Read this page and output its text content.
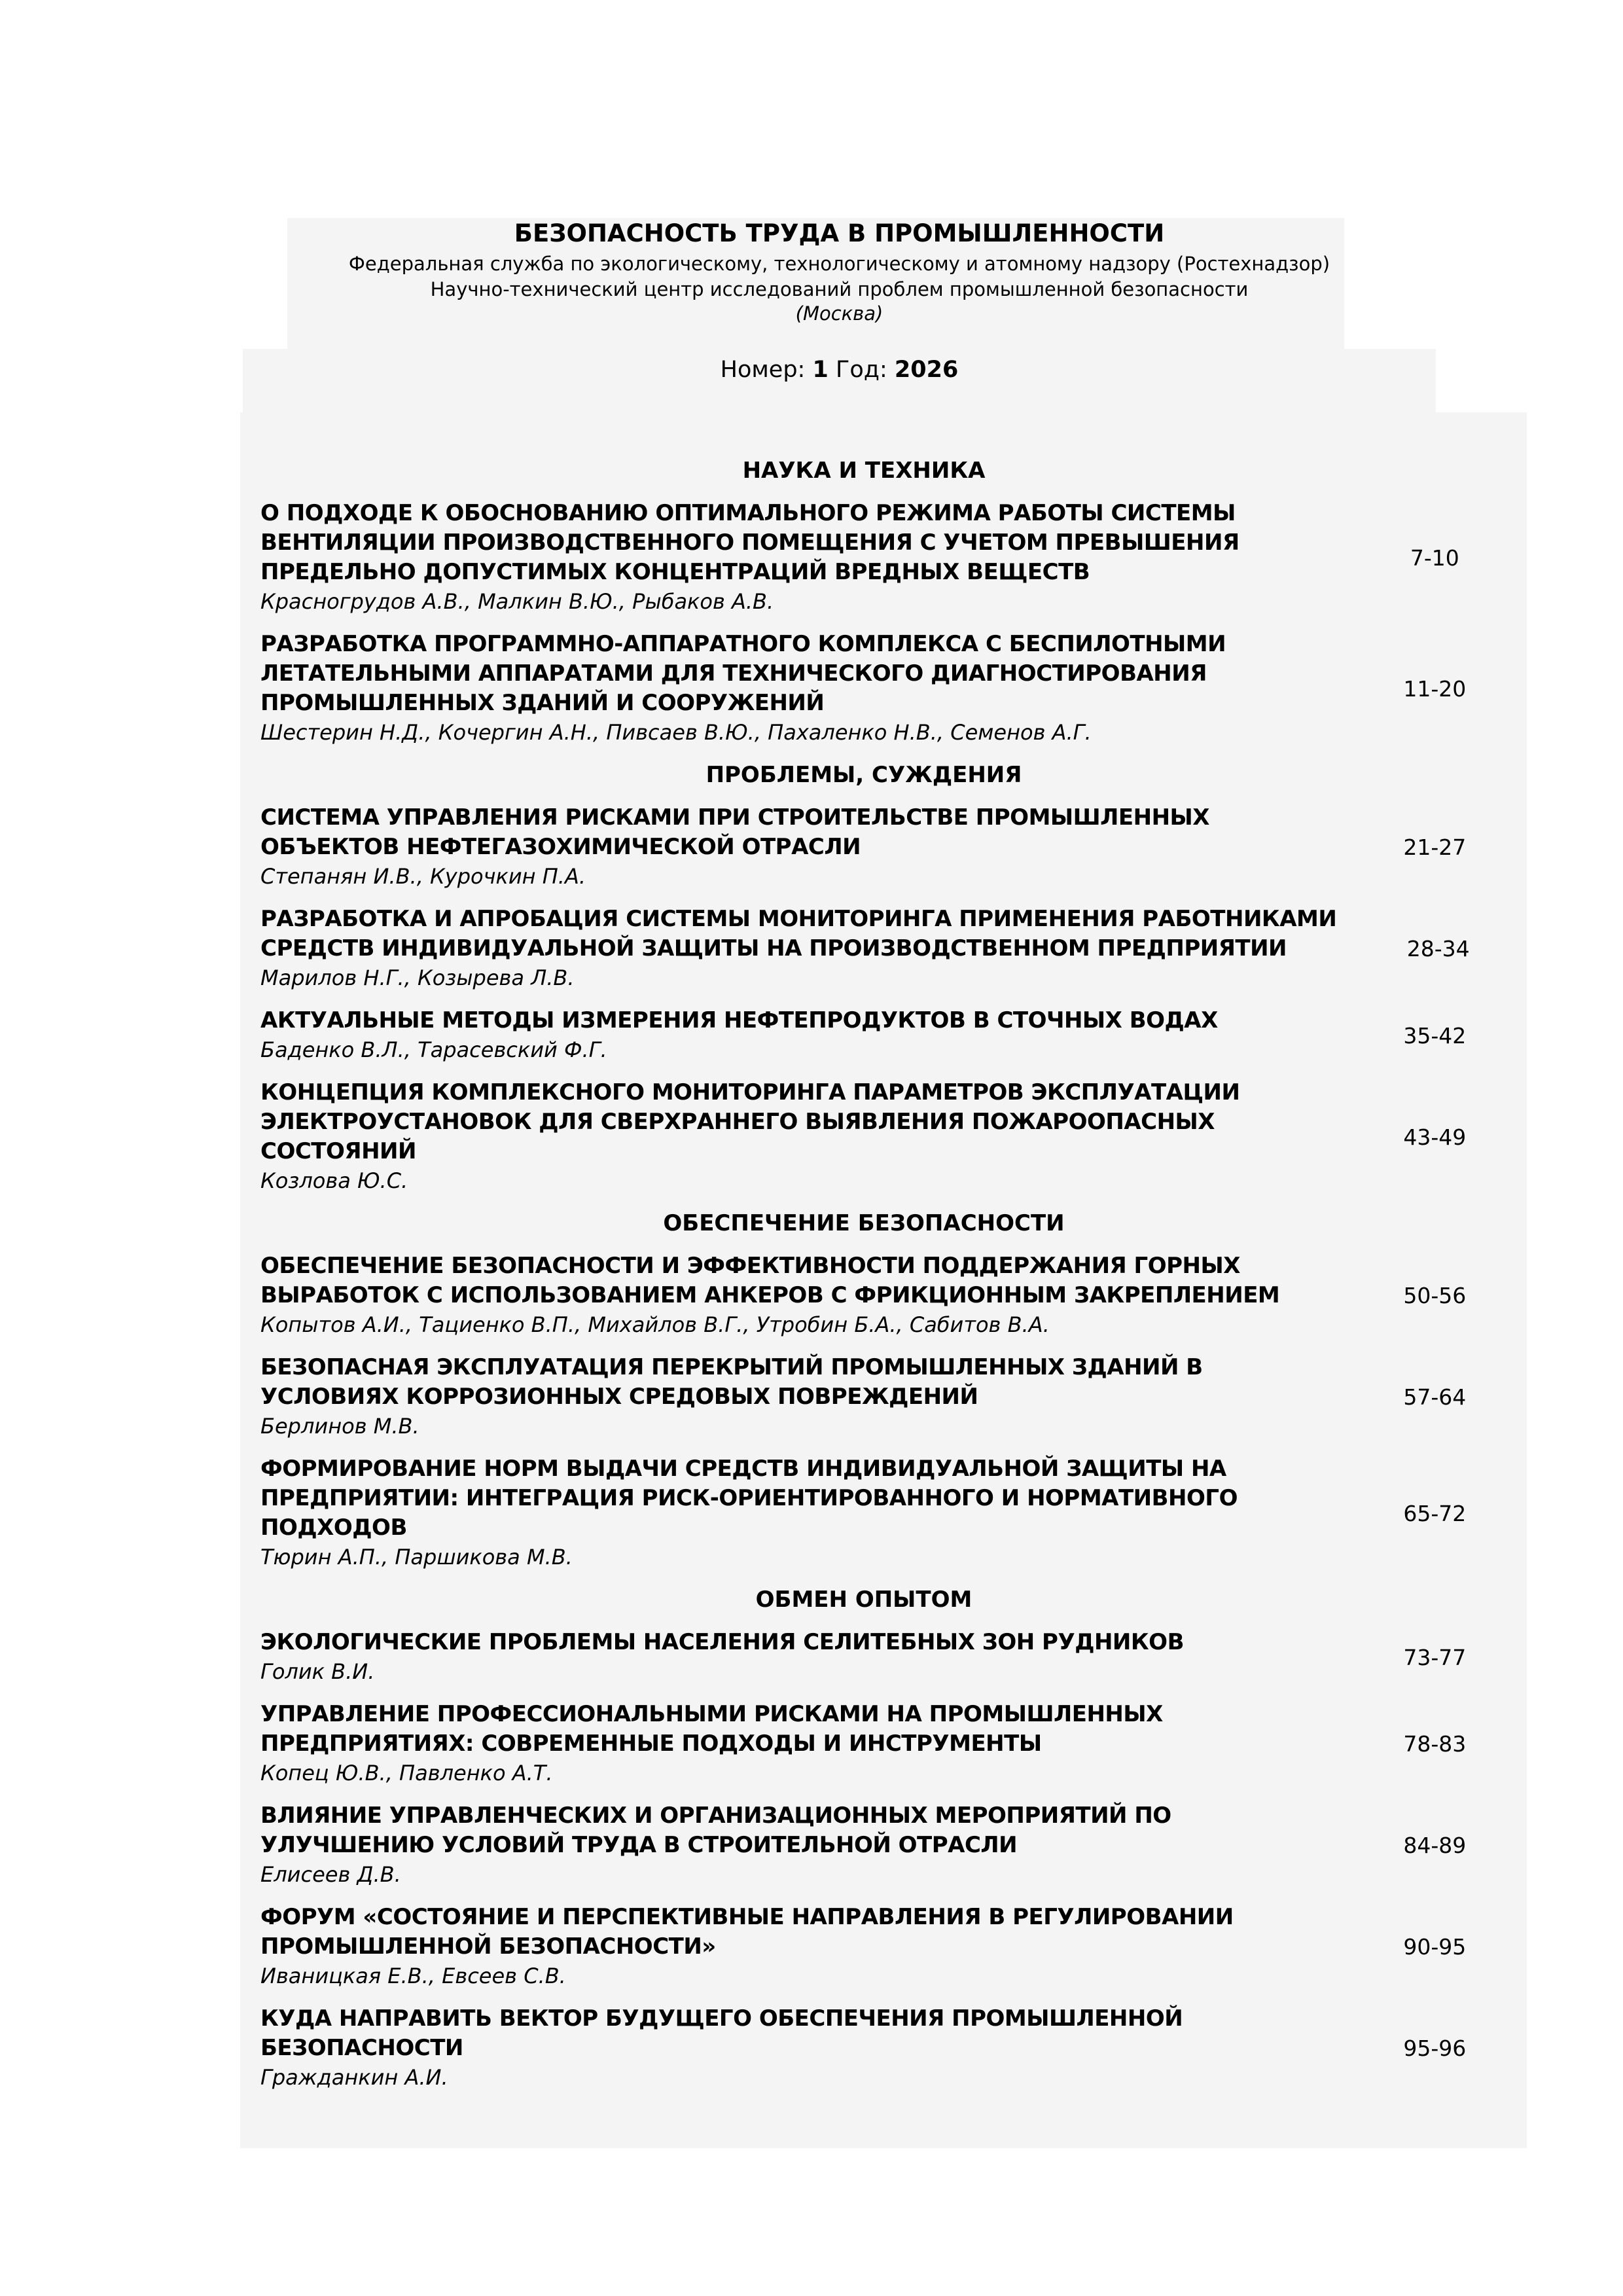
БЕЗОПАСНОСТЬ ТРУДА В ПРОМЫШЛЕННОСТИ
Федеральная служба по экологическому, технологическому и атомному надзору (Ростехнадзор)
Научно-технический центр исследований проблем промышленной безопасности
(Москва)
Номер: 1 Год: 2026
НАУКА И ТЕХНИКА
О ПОДХОДЕ К ОБОСНОВАНИЮ ОПТИМАЛЬНОГО РЕЖИМА РАБОТЫ СИСТЕМЫ
ВЕНТИЛЯЦИИ ПРОИЗВОДСТВЕННОГО ПОМЕЩЕНИЯ С УЧЕТОМ ПРЕВЫШЕНИЯ
ПРЕДЕЛЬНО ДОПУСТИМЫХ КОНЦЕНТРАЦИЙ ВРЕДНЫХ ВЕЩЕСТВ
Красногрудов А.В., Малкин В.Ю., Рыбаков А.В.
7-10
РАЗРАБОТКА ПРОГРАММНО-АППАРАТНОГО КОМПЛЕКСА С БЕСПИЛОТНЫМИ
ЛЕТАТЕЛЬНЫМИ АППАРАТАМИ ДЛЯ ТЕХНИЧЕСКОГО ДИАГНОСТИРОВАНИЯ
ПРОМЫШЛЕННЫХ ЗДАНИЙ И СООРУЖЕНИЙ
Шестерин Н.Д., Кочергин А.Н., Пивсаев В.Ю., Пахаленко Н.В., Семенов А.Г.
11-20
ПРОБЛЕМЫ, СУЖДЕНИЯ
СИСТЕМА УПРАВЛЕНИЯ РИСКАМИ ПРИ СТРОИТЕЛЬСТВЕ ПРОМЫШЛЕННЫХ
ОБЪЕКТОВ НЕФТЕГАЗОХИМИЧЕСКОЙ ОТРАСЛИ
Степанян И.В., Курочкин П.А.
21-27
РАЗРАБОТКА И АПРОБАЦИЯ СИСТЕМЫ МОНИТОРИНГА ПРИМЕНЕНИЯ РАБОТНИКАМИ
СРЕДСТВ ИНДИВИДУАЛЬНОЙ ЗАЩИТЫ НА ПРОИЗВОДСТВЕННОМ ПРЕДПРИЯТИИ
Марилов Н.Г., Козырева Л.В.
28-34
АКТУАЛЬНЫЕ МЕТОДЫ ИЗМЕРЕНИЯ НЕФТЕПРОДУКТОВ В СТОЧНЫХ ВОДАХ
Баденко В.Л., Тарасевский Ф.Г.
35-42
КОНЦЕПЦИЯ КОМПЛЕКСНОГО МОНИТОРИНГА ПАРАМЕТРОВ ЭКСПЛУАТАЦИИ
ЭЛЕКТРОУСТАНОВОК ДЛЯ СВЕРХРАННЕГО ВЫЯВЛЕНИЯ ПОЖАРООПАСНЫХ
СОСТОЯНИЙ
Козлова Ю.С.
43-49
ОБЕСПЕЧЕНИЕ БЕЗОПАСНОСТИ
ОБЕСПЕЧЕНИЕ БЕЗОПАСНОСТИ И ЭФФЕКТИВНОСТИ ПОДДЕРЖАНИЯ ГОРНЫХ
ВЫРАБОТОК С ИСПОЛЬЗОВАНИЕМ АНКЕРОВ С ФРИКЦИОННЫМ ЗАКРЕПЛЕНИЕМ
Копытов А.И., Тациенко В.П., Михайлов В.Г., Утробин Б.А., Сабитов В.А.
50-56
БЕЗОПАСНАЯ ЭКСПЛУАТАЦИЯ ПЕРЕКРЫТИЙ ПРОМЫШЛЕННЫХ ЗДАНИЙ В
УСЛОВИЯХ КОРРОЗИОННЫХ СРЕДОВЫХ ПОВРЕЖДЕНИЙ
Берлинов М.В.
57-64
ФОРМИРОВАНИЕ НОРМ ВЫДАЧИ СРЕДСТВ ИНДИВИДУАЛЬНОЙ ЗАЩИТЫ НА
ПРЕДПРИЯТИИ: ИНТЕГРАЦИЯ РИСК-ОРИЕНТИРОВАННОГО И НОРМАТИВНОГО
ПОДХОДОВ
Тюрин А.П., Паршикова М.В.
65-72
ОБМЕН ОПЫТОМ
ЭКОЛОГИЧЕСКИЕ ПРОБЛЕМЫ НАСЕЛЕНИЯ СЕЛИТЕБНЫХ ЗОН РУДНИКОВ
Голик В.И.
73-77
УПРАВЛЕНИЕ ПРОФЕССИОНАЛЬНЫМИ РИСКАМИ НА ПРОМЫШЛЕННЫХ
ПРЕДПРИЯТИЯХ: СОВРЕМЕННЫЕ ПОДХОДЫ И ИНСТРУМЕНТЫ
Копец Ю.В., Павленко А.Т.
78-83
ВЛИЯНИЕ УПРАВЛЕНЧЕСКИХ И ОРГАНИЗАЦИОННЫХ МЕРОПРИЯТИЙ ПО
УЛУЧШЕНИЮ УСЛОВИЙ ТРУДА В СТРОИТЕЛЬНОЙ ОТРАСЛИ
Елисеев Д.В.
84-89
ФОРУМ «СОСТОЯНИЕ И ПЕРСПЕКТИВНЫЕ НАПРАВЛЕНИЯ В РЕГУЛИРОВАНИИ
ПРОМЫШЛЕННОЙ БЕЗОПАСНОСТИ»
Иваницкая Е.В., Евсеев С.В.
90-95
КУДА НАПРАВИТЬ ВЕКТОР БУДУЩЕГО ОБЕСПЕЧЕНИЯ ПРОМЫШЛЕННОЙ
БЕЗОПАСНОСТИ
Гражданкин А.И.
95-96
